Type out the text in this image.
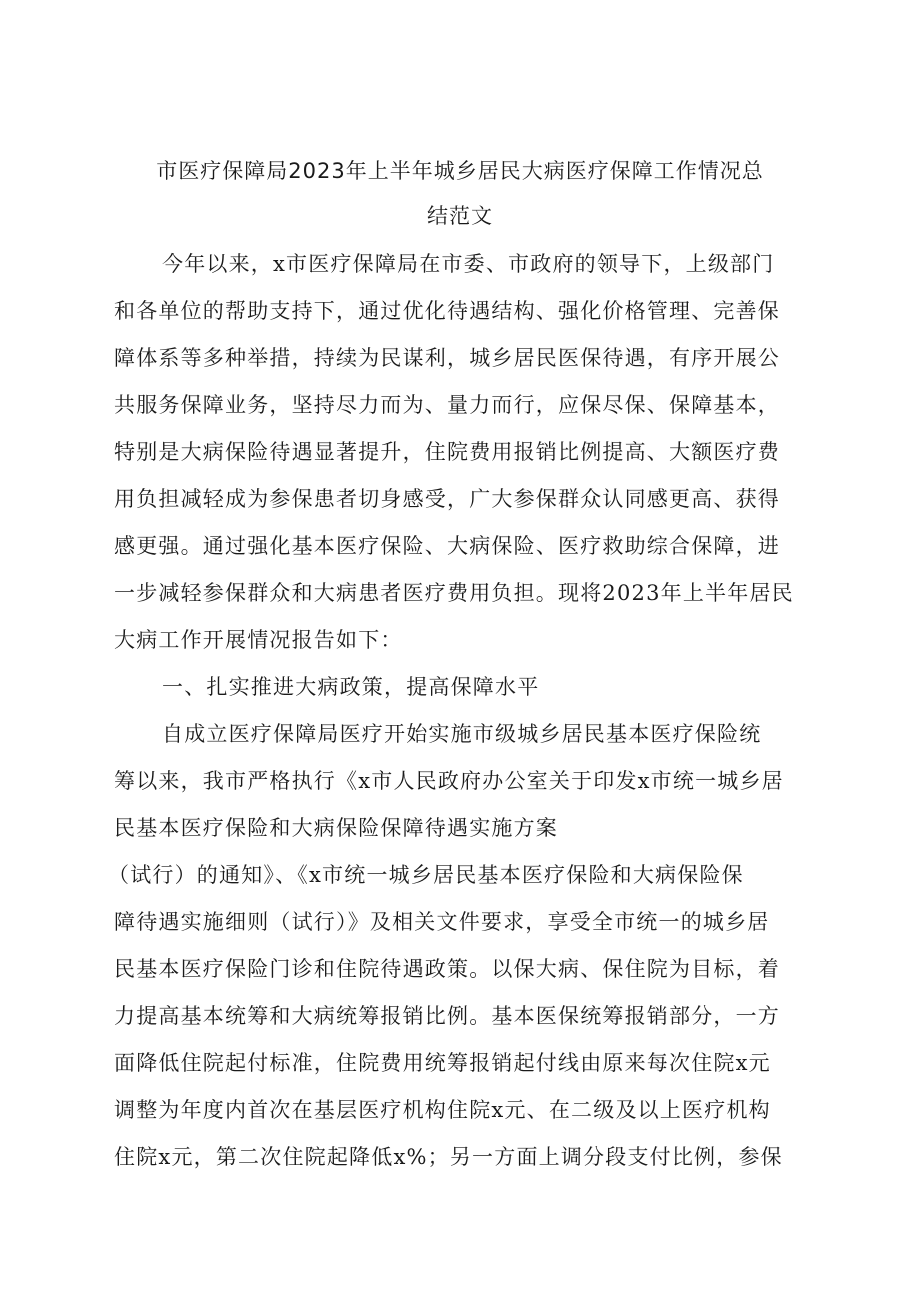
市医疗保障局2023年上半年城乡居民大病医疗保障工作情况总
结范文
今年以来，x市医疗保障局在市委、市政府的领导下，上级部门
和各单位的帮助支持下，通过优化待遇结构、强化价格管理、完善保
障体系等多种举措，持续为民谋利，城乡居民医保待遇，有序开展公
共服务保障业务，坚持尽力而为、量力而行，应保尽保、保障基本，
特别是大病保险待遇显著提升，住院费用报销比例提高、大额医疗费
用负担减轻成为参保患者切身感受，广大参保群众认同感更高、获得
感更强。通过强化基本医疗保险、大病保险、医疗救助综合保障，进
一步减轻参保群众和大病患者医疗费用负担。现将2023年上半年居民
大病工作开展情况报告如下：
一、扎实推进大病政策，提高保障水平
自成立医疗保障局医疗开始实施市级城乡居民基本医疗保险统
筹以来，我市严格执行《x市人民政府办公室关于印发x市统一城乡居
民基本医疗保险和大病保险保障待遇实施方案
（试行）的通知》、《x市统一城乡居民基本医疗保险和大病保险保
障待遇实施细则（试行）》及相关文件要求，享受全市统一的城乡居
民基本医疗保险门诊和住院待遇政策。以保大病、保住院为目标，着
力提高基本统筹和大病统筹报销比例。基本医保统筹报销部分，一方
面降低住院起付标准，住院费用统筹报销起付线由原来每次住院x元
调整为年度内首次在基层医疗机构住院x元、在二级及以上医疗机构
住院x元，第二次住院起降低x%；另一方面上调分段支付比例，参保
